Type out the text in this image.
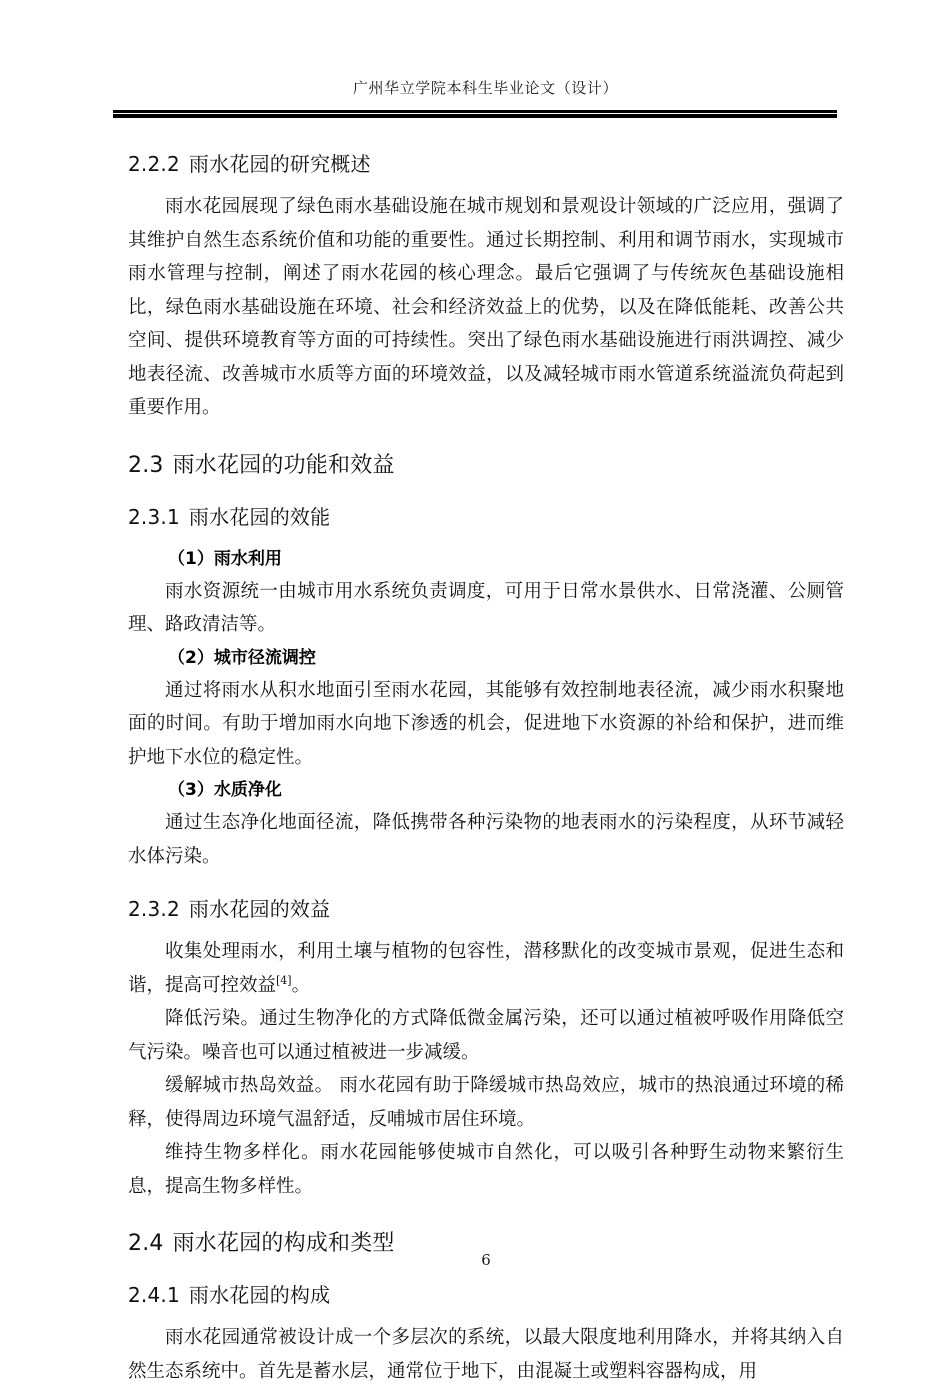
广州华立学院本科生毕业论文（设计）
2.2.2 雨水花园的研究概述

雨水花园展现了绿色雨水基础设施在城市规划和景观设计领域的广泛应用，强调了其维护自然生态系统价值和功能的重要性。通过长期控制、利用和调节雨水，实现城市雨水管理与控制，阐述了雨水花园的核心理念。最后它强调了与传统灰色基础设施相比，绿色雨水基础设施在环境、社会和经济效益上的优势，以及在降低能耗、改善公共空间、提供环境教育等方面的可持续性。突出了绿色雨水基础设施进行雨洪调控、减少地表径流、改善城市水质等方面的环境效益，以及减轻城市雨水管道系统溢流负荷起到重要作用。

2.3 雨水花园的功能和效益
2.3.1 雨水花园的效能

（1）雨水利用

雨水资源统一由城市用水系统负责调度，可用于日常水景供水、日常浇灌、公厕管理、路政清洁等。

（2）城市径流调控

通过将雨水从积水地面引至雨水花园，其能够有效控制地表径流，减少雨水积聚地面的时间。有助于增加雨水向地下渗透的机会，促进地下水资源的补给和保护，进而维护地下水位的稳定性。

（3）水质净化

通过生态净化地面径流，降低携带各种污染物的地表雨水的污染程度，从环节减轻水体污染。

2.3.2 雨水花园的效益

收集处理雨水，利用土壤与植物的包容性，潜移默化的改变城市景观，促进生态和谐，提高可控效益[4]。

降低污染。通过生物净化的方式降低微金属污染，还可以通过植被呼吸作用降低空气污染。噪音也可以通过植被进一步减缓。

缓解城市热岛效益。 雨水花园有助于降缓城市热岛效应，城市的热浪通过环境的稀释，使得周边环境气温舒适，反哺城市居住环境。

维持生物多样化。雨水花园能够使城市自然化，可以吸引各种野生动物来繁衍生息，提高生物多样性。

2.4 雨水花园的构成和类型
2.4.1 雨水花园的构成

雨水花园通常被设计成一个多层次的系统，以最大限度地利用降水，并将其纳入自然生态系统中。首先是蓄水层，通常位于地下，由混凝土或塑料容器构成，用

6
